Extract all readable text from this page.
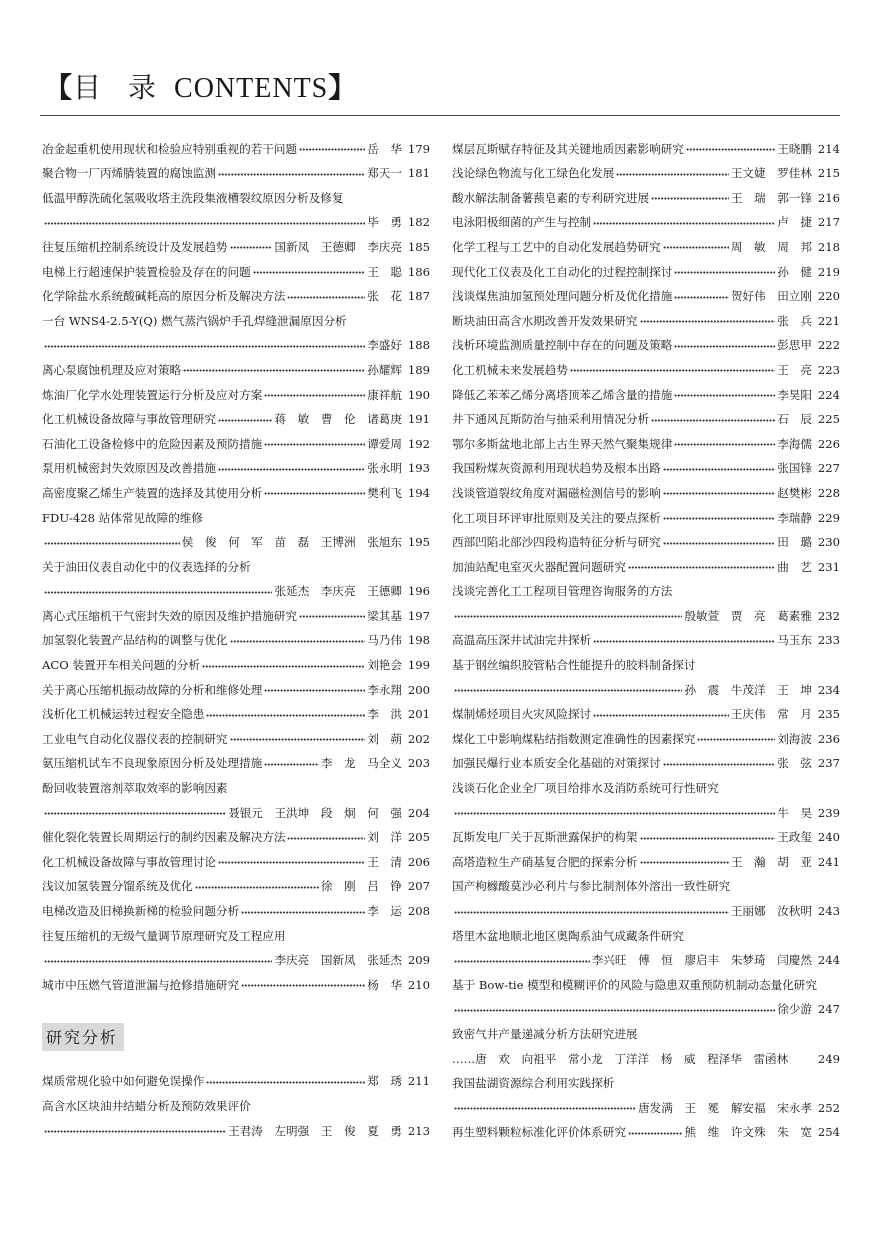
【目 录 CONTENTS】
冶金起重机使用现状和检验应特别重视的若干问题	岳　华 179
聚合物一厂丙烯腈装置的腐蚀监测	郑天一 181
低温甲醇洗硫化氢吸收塔主洗段集液槽裂纹原因分析及修复
毕　勇 182
往复压缩机控制系统设计及发展趋势	国新凤　王德卿　李庆亮 185
电梯上行超速保护装置检验及存在的问题	王　聪 186
化学除盐水系统酸碱耗高的原因分析及解决方法	张　花 187
一台 WNS4-2.5-Y(Q) 燃气蒸汽锅炉手孔焊缝泄漏原因分析
李盛好 188
离心泵腐蚀机理及应对策略	孙耀辉 189
炼油厂化学水处理装置运行分析及应对方案	康祥航 190
化工机械设备故障与事故管理研究	蒋　敏　曹　伦　诸葛庚 191
石油化工设备检修中的危险因素及预防措施	谭爱周 192
泵用机械密封失效原因及改善措施	张永明 193
高密度聚乙烯生产装置的选择及其使用分析	樊利飞 194
FDU-428 站体常见故障的维修
侯　俊　何　军　苗　磊　王博洲　张旭东 195
关于油田仪表自动化中的仪表选择的分析
张延杰　李庆亮　王德卿 196
离心式压缩机干气密封失效的原因及维护措施研究	梁其基 197
加氢裂化装置产品结构的调整与优化	马乃伟 198
ACO 装置开车相关问题的分析	刘艳会 199
关于离心压缩机振动故障的分析和维修处理	李永翔 200
浅析化工机械运转过程安全隐患	李　洪 201
工业电气自动化仪器仪表的控制研究	刘　蒴 202
氨压缩机试车不良现象原因分析及处理措施	李　龙　马全义 203
酚回收装置溶剂萃取效率的影响因素
聂银元　王洪坤　段　炯　何　强 204
催化裂化装置长周期运行的制约因素及解决方法	刘　洋 205
化工机械设备故障与事故管理讨论	王　清 206
浅议加氢装置分馏系统及优化	徐　刚　吕　铮 207
电梯改造及旧梯换新梯的检验问题分析	李　运 208
往复压缩机的无级气量调节原理研究及工程应用
李庆亮　国新凤　张延杰 209
城市中压燃气管道泄漏与抢修措施研究	杨　华 210
研究分析
煤质常规化验中如何避免误操作	郑　琇 211
高含水区块油井结蜡分析及预防效果评价
王君涛　左明强　王　俊　夏　勇 213
煤层瓦斯赋存特征及其关键地质因素影响研究	王晓鹏 214
浅论绿色物流与化工绿色化发展	王文婕　罗佳林 215
酸水解法制备薯蓣皂素的专利研究进展	王　瑞　郭一锋 216
电泳阳极细菌的产生与控制	卢　捷 217
化学工程与工艺中的自动化发展趋势研究	周　敏　周　邦 218
现代化工仪表及化工自动化的过程控制探讨	孙　健 219
浅谈煤焦油加氢预处理问题分析及优化措施	贺好伟　田立刚 220
断块油田高含水期改善开发效果研究	张　兵 221
浅析环境监测质量控制中存在的问题及策略	彭思甲 222
化工机械未来发展趋势	王　亮 223
降低乙苯苯乙烯分离塔顶苯乙烯含量的措施	李昊阳 224
井下通风瓦斯防治与抽采利用情况分析	石　辰 225
鄂尔多斯盆地北部上古生界天然气聚集规律	李海儒 226
我国粉煤灰资源利用现状趋势及根本出路	张国锋 227
浅谈管道裂纹角度对漏磁检测信号的影响	赵樊彬 228
化工项目环评审批原则及关注的要点探析	李瑞静 229
西部凹陷北部沙四段构造特征分析与研究	田　璐 230
加油站配电室灭火器配置问题研究	曲　艺 231
浅谈完善化工工程项目管理咨询服务的方法
殷敏萱　贾　亮　葛素雅 232
高温高压深井试油完井探析	马玉东 233
基于钢丝编织胶管粘合性能提升的胶料制备探讨
孙　震　牛茂洋　王　坤 234
煤制烯烃项目火灾风险探讨	王庆伟　常　月 235
煤化工中影响煤粘结指数测定准确性的因素探究	刘海波 236
加强民爆行业本质安全化基础的对策探讨	张　弦 237
浅谈石化企业全厂项目给排水及消防系统可行性研究
牛　昊 239
瓦斯发电厂关于瓦斯泄露保护的构架	王政玺 240
高塔造粒生产硝基复合肥的探索分析	王　瀚　胡　亚 241
国产枸橼酸莫沙必利片与参比制剂体外溶出一致性研究
王丽娜　汝秋明 243
塔里木盆地顺北地区奥陶系油气成藏条件研究
李兴旺　傅　恒　廖启丰　朱梦琦　闫慶然 244
基于 Bow-tie 模型和模糊评价的风险与隐患双重预防机制动态量化研究
徐少游 247
致密气井产量递减分析方法研究进展
……唐　欢　向祖平　常小龙　丁洋洋　杨　威　程泽华　雷函林	249
我国盐湖资源综合利用实践探析
唐发满　王　冕　解安福　宋永孝 252
再生塑料颗粒标准化评价体系研究	熊　维　许文殊　朱　宽 254
